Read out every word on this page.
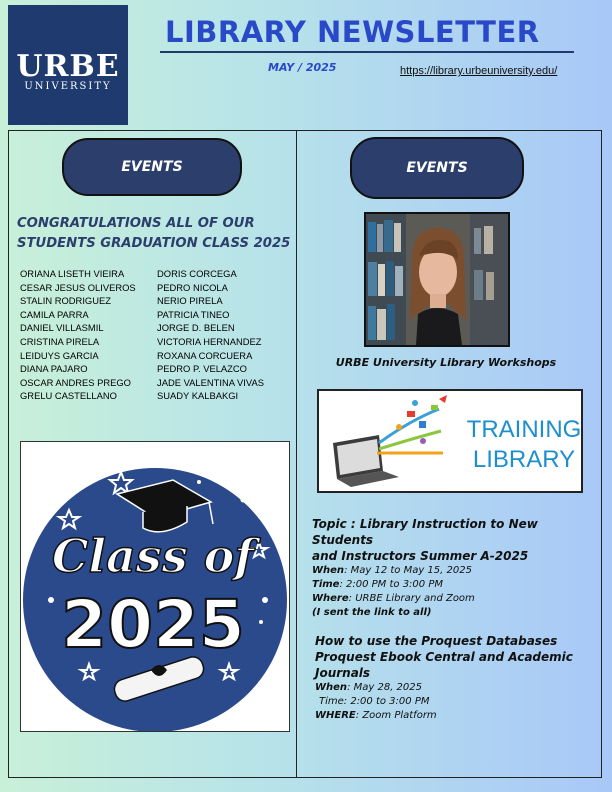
URBE
UNIVERSITY
LIBRARY NEWSLETTER
MAY / 2025	https://library.urbeuniversity.edu/
EVENTS
CONGRATULATIONS ALL OF OUR
STUDENTS GRADUATION CLASS 2025
ORIANA LISETH VIEIRA
CESAR JESUS OLIVEROS
STALIN RODRIGUEZ
CAMILA PARRA
DANIEL VILLASMIL
CRISTINA PIRELA
LEIDUYS GARCIA
DIANA PAJARO
OSCAR ANDRES PREGO
GRELU CASTELLANO
DORIS CORCEGA
PEDRO NICOLA
NERIO PIRELA
PATRICIA TINEO
JORGE D. BELEN
VICTORIA HERNANDEZ
ROXANA CORCUERA
PEDRO P. VELAZCO
JADE VALENTINA VIVAS
SUADY KALBAKGI
Class of
2025
EVENTS
URBE University Library Workshops
TRAINING
LIBRARY
Topic : Library Instruction to New Students
and Instructors Summer A-2025
When: May 12 to May 15, 2025
Time: 2:00 PM to 3:00 PM
Where: URBE Library and Zoom
(I sent the link to all)
How to use the Proquest Databases
Proquest Ebook Central and Academic
Journals
When: May 28, 2025
Time: 2:00 to 3:00 PM
WHERE: Zoom Platform
